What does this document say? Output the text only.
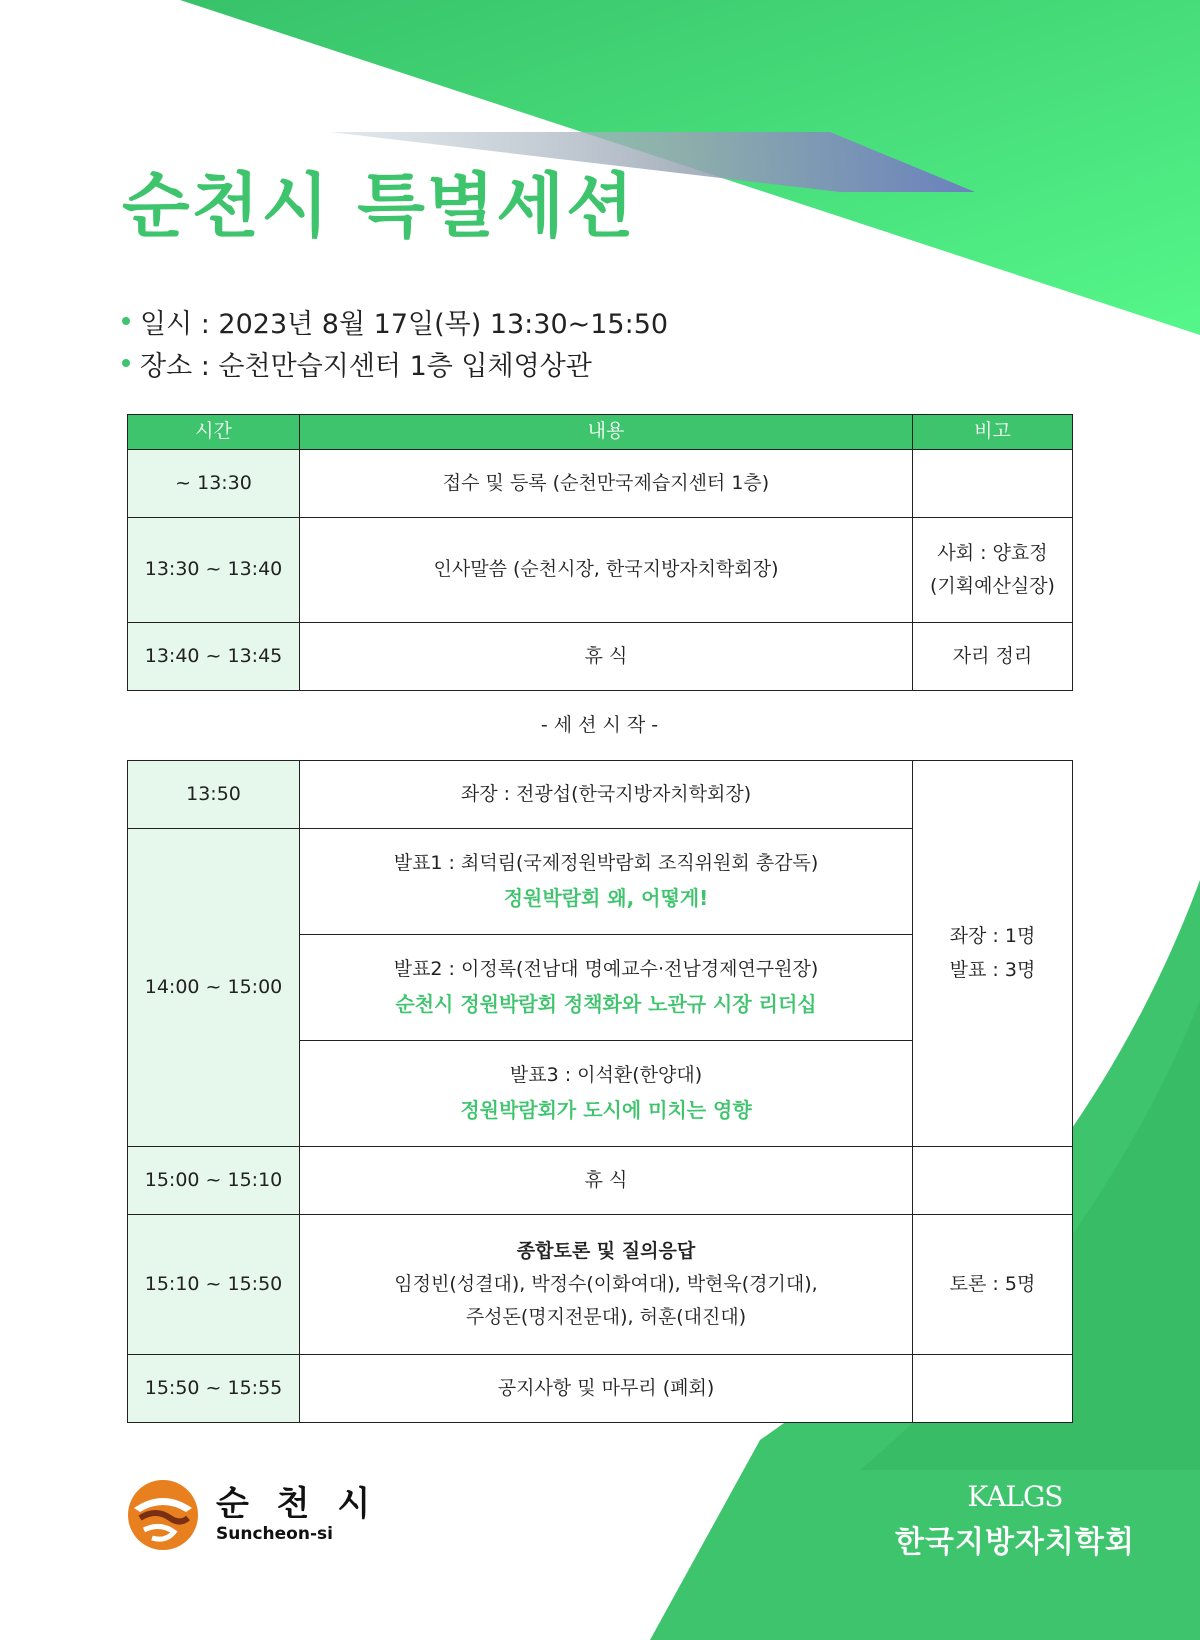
순천시 특별세션
일시 : 2023년 8월 17일(목) 13:30~15:50
장소 : 순천만습지센터 1층 입체영상관
시간	내용	비고
~ 13:30	접수 및 등록 (순천만국제습지센터 1층)	
13:30 ~ 13:40	인사말씀 (순천시장, 한국지방자치학회장)	사회 : 양효정
(기획예산실장)

13:40 ~ 13:45	휴 식	자리 정리
- 세 션 시 작 -
13:50	좌장 : 전광섭(한국지방자치학회장)	좌장 : 1명
발표 : 3명

14:00 ~ 15:00	발표1 : 최덕림(국제정원박람회 조직위원회 총감독)
정원박람회 왜, 어떻게!	

	발표2 : 이정록(전남대 명예교수·전남경제연구원장)
순천시 정원박람회 정책화와 노관규 시장 리더십	

	발표3 : 이석환(한양대)
정원박람회가 도시에 미치는 영향	

15:00 ~ 15:10	휴 식	
15:10 ~ 15:50	종합토론 및 질의응답
임정빈(성결대), 박정수(이화여대), 박현욱(경기대),
주성돈(명지전문대), 허훈(대진대)	토론 : 5명
15:50 ~ 15:55	공지사항 및 마무리 (폐회)	
순 천 시
Suncheon-si
KALGS
한국지방자치학회
